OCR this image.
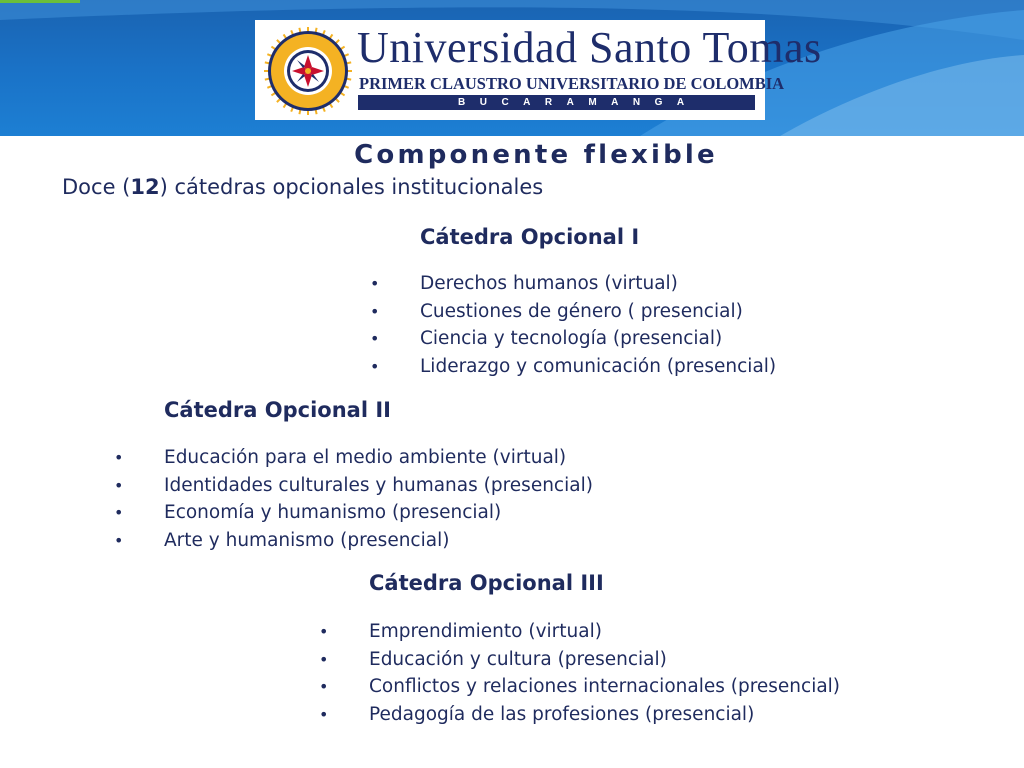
Universidad Santo Tomas
PRIMER CLAUSTRO UNIVERSITARIO DE COLOMBIA
BUCARAMANGA
Componente flexible
Doce (12) cátedras opcionales institucionales
Cátedra Opcional I
• Derechos humanos (virtual)
• Cuestiones de género ( presencial)
• Ciencia y tecnología (presencial)
• Liderazgo y comunicación (presencial)
Cátedra Opcional II
• Educación para el medio ambiente (virtual)
• Identidades culturales y humanas (presencial)
• Economía y humanismo (presencial)
• Arte y humanismo (presencial)
Cátedra Opcional III
• Emprendimiento (virtual)
• Educación y cultura (presencial)
• Conflictos y relaciones internacionales (presencial)
• Pedagogía de las profesiones (presencial)
